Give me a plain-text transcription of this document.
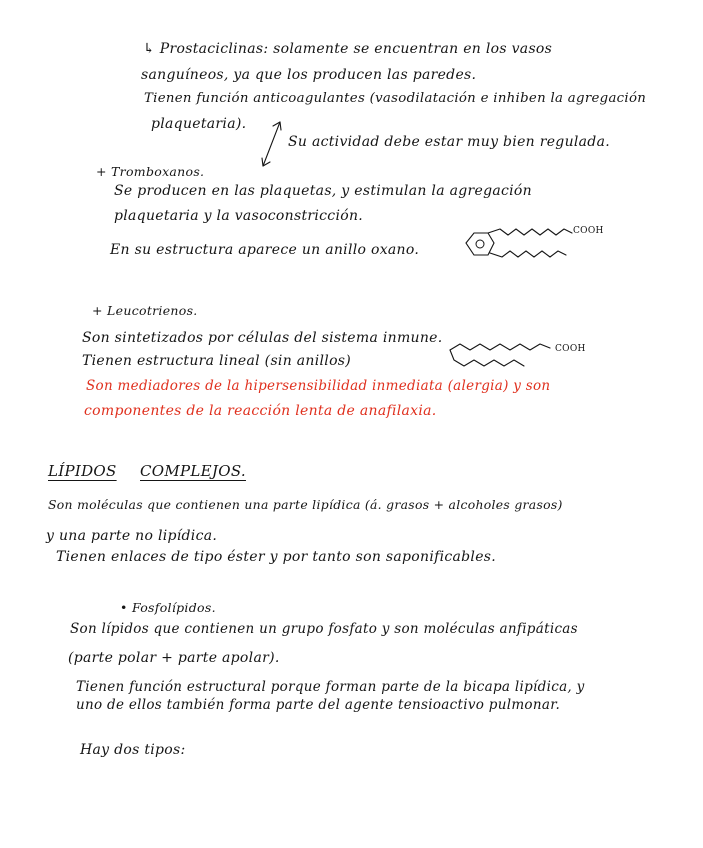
↳ Prostaciclinas: solamente se encuentran en los vasos
sanguíneos, ya que los producen las paredes.
Tienen función anticoagulantes (vasodilatación e inhiben la agregación
plaquetaria).
Su actividad debe estar muy bien regulada.
+ Tromboxanos.
Se producen en las plaquetas, y estimulan la agregación
plaquetaria y la vasoconstricción.
En su estructura aparece un anillo oxano.
COOH
+ Leucotrienos.
Son sintetizados por células del sistema inmune.
Tienen estructura lineal (sin anillos)
COOH
Son mediadores de la hipersensibilidad inmediata (alergia) y son
componentes de la reacción lenta de anafilaxia.
LÍPIDOS COMPLEJOS.
Son moléculas que contienen una parte lipídica (á. grasos + alcoholes grasos)
y una parte no lipídica.
Tienen enlaces de tipo éster y por tanto son saponificables.
• Fosfolípidos.
Son lípidos que contienen un grupo fosfato y son moléculas anfipáticas
(parte polar + parte apolar).
Tienen función estructural porque forman parte de la bicapa lipídica, y
uno de ellos también forma parte del agente tensioactivo pulmonar.
Hay dos tipos:
